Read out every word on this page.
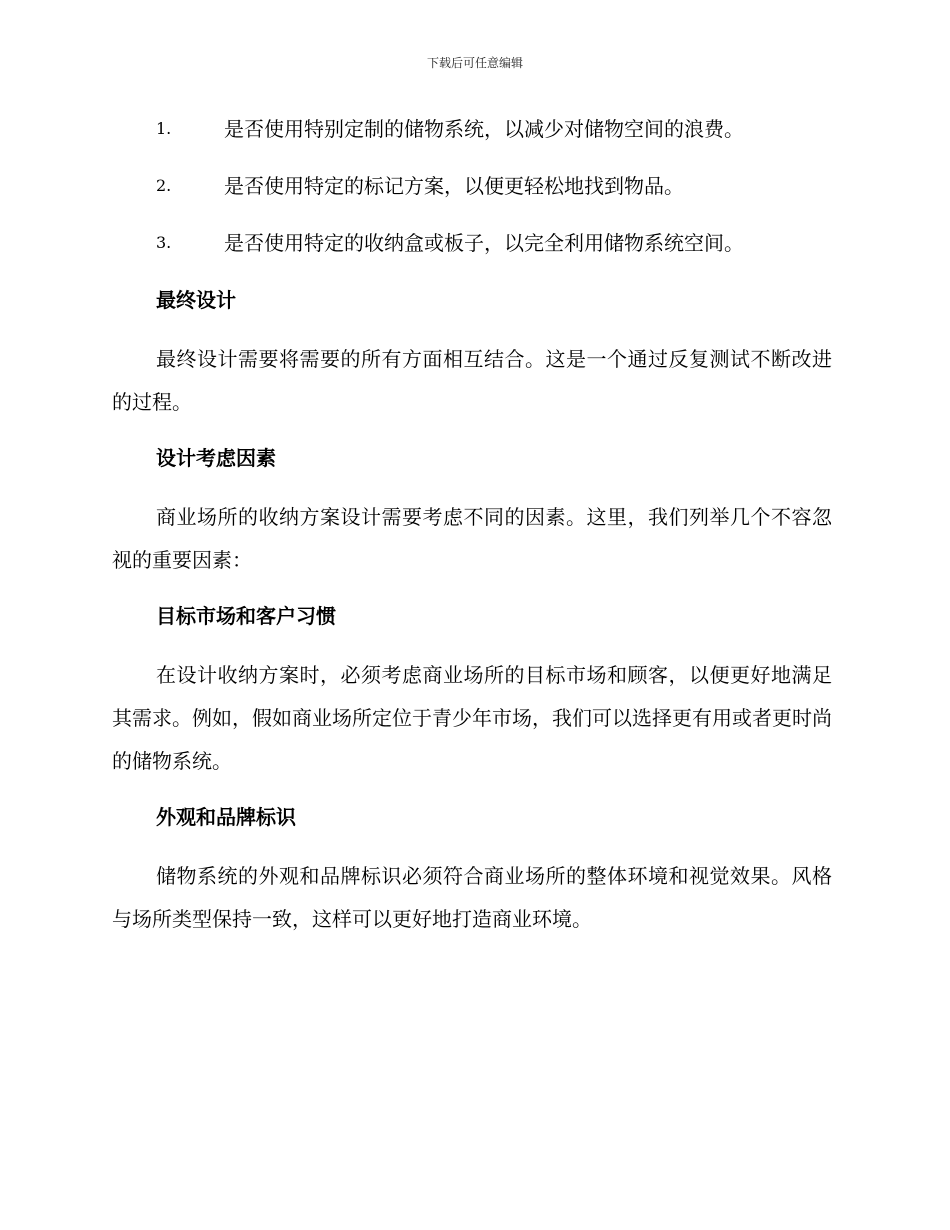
下载后可任意编辑
1.	是否使用特别定制的储物系统，以减少对储物空间的浪费。
2.	是否使用特定的标记方案，以便更轻松地找到物品。
3.	是否使用特定的收纳盒或板子，以完全利用储物系统空间。
最终设计
最终设计需要将需要的所有方面相互结合。这是一个通过反复测试不断改进的过程。
设计考虑因素
商业场所的收纳方案设计需要考虑不同的因素。这里，我们列举几个不容忽视的重要因素：
目标市场和客户习惯
在设计收纳方案时，必须考虑商业场所的目标市场和顾客，以便更好地满足其需求。例如，假如商业场所定位于青少年市场，我们可以选择更有用或者更时尚的储物系统。
外观和品牌标识
储物系统的外观和品牌标识必须符合商业场所的整体环境和视觉效果。风格与场所类型保持一致，这样可以更好地打造商业环境。
